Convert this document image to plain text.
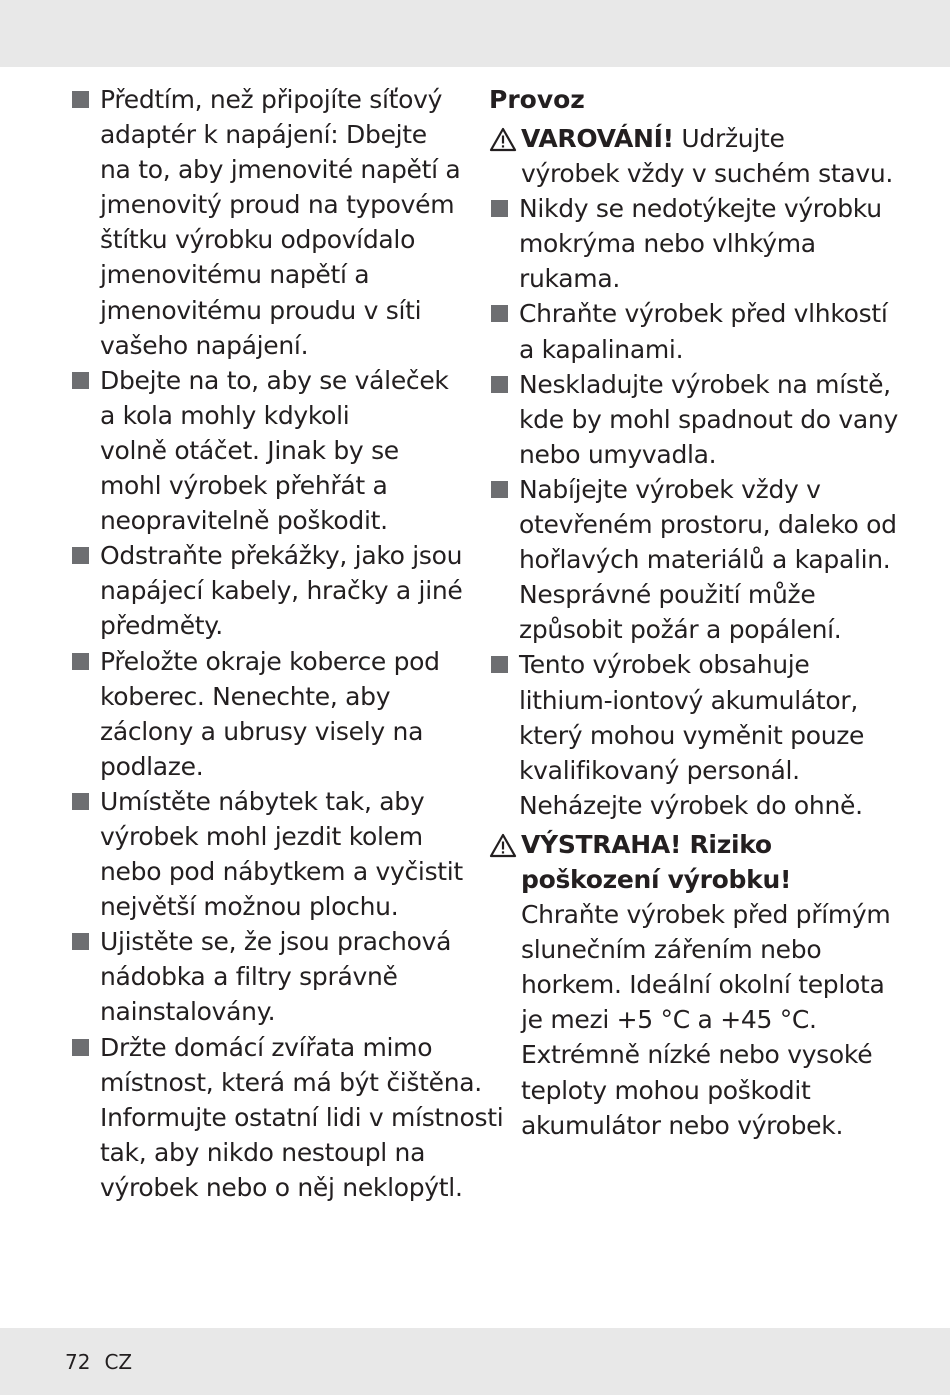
Předtím, než připojíte síťový
adaptér k napájení: Dbejte
na to, aby jmenovité napětí a
jmenovitý proud na typovém
štítku výrobku odpovídalo
jmenovitému napětí a
jmenovitému proudu v síti
vašeho napájení.
Dbejte na to, aby se váleček
a kola mohly kdykoli
volně otáčet. Jinak by se
mohl výrobek přehřát a
neopravitelně poškodit.
Odstraňte překážky, jako jsou
napájecí kabely, hračky a jiné
předměty.
Přeložte okraje koberce pod
koberec. Nenechte, aby
záclony a ubrusy visely na
podlaze.
Umístěte nábytek tak, aby
výrobek mohl jezdit kolem
nebo pod nábytkem a vyčistit
největší možnou plochu.
Ujistěte se, že jsou prachová
nádobka a filtry správně
nainstalovány.
Držte domácí zvířata mimo
místnost, která má být čištěna.
Informujte ostatní lidi v místnosti
tak, aby nikdo nestoupl na
výrobek nebo o něj neklopýtl.
Provoz
VAROVÁNÍ! Udržujte
výrobek vždy v suchém stavu.
Nikdy se nedotýkejte výrobku
mokrýma nebo vlhkýma
rukama.
Chraňte výrobek před vlhkostí
a kapalinami.
Neskladujte výrobek na místě,
kde by mohl spadnout do vany
nebo umyvadla.
Nabíjejte výrobek vždy v
otevřeném prostoru, daleko od
hořlavých materiálů a kapalin.
Nesprávné použití může
způsobit požár a popálení.
Tento výrobek obsahuje
lithium-iontový akumulátor,
který mohou vyměnit pouze
kvalifikovaný personál.
Neházejte výrobek do ohně.
VÝSTRAHA! Riziko
poškození výrobku!
Chraňte výrobek před přímým
slunečním zářením nebo
horkem. Ideální okolní teplota
je mezi +5 °C a +45 °C.
Extrémně nízké nebo vysoké
teploty mohou poškodit
akumulátor nebo výrobek.
72 CZ
